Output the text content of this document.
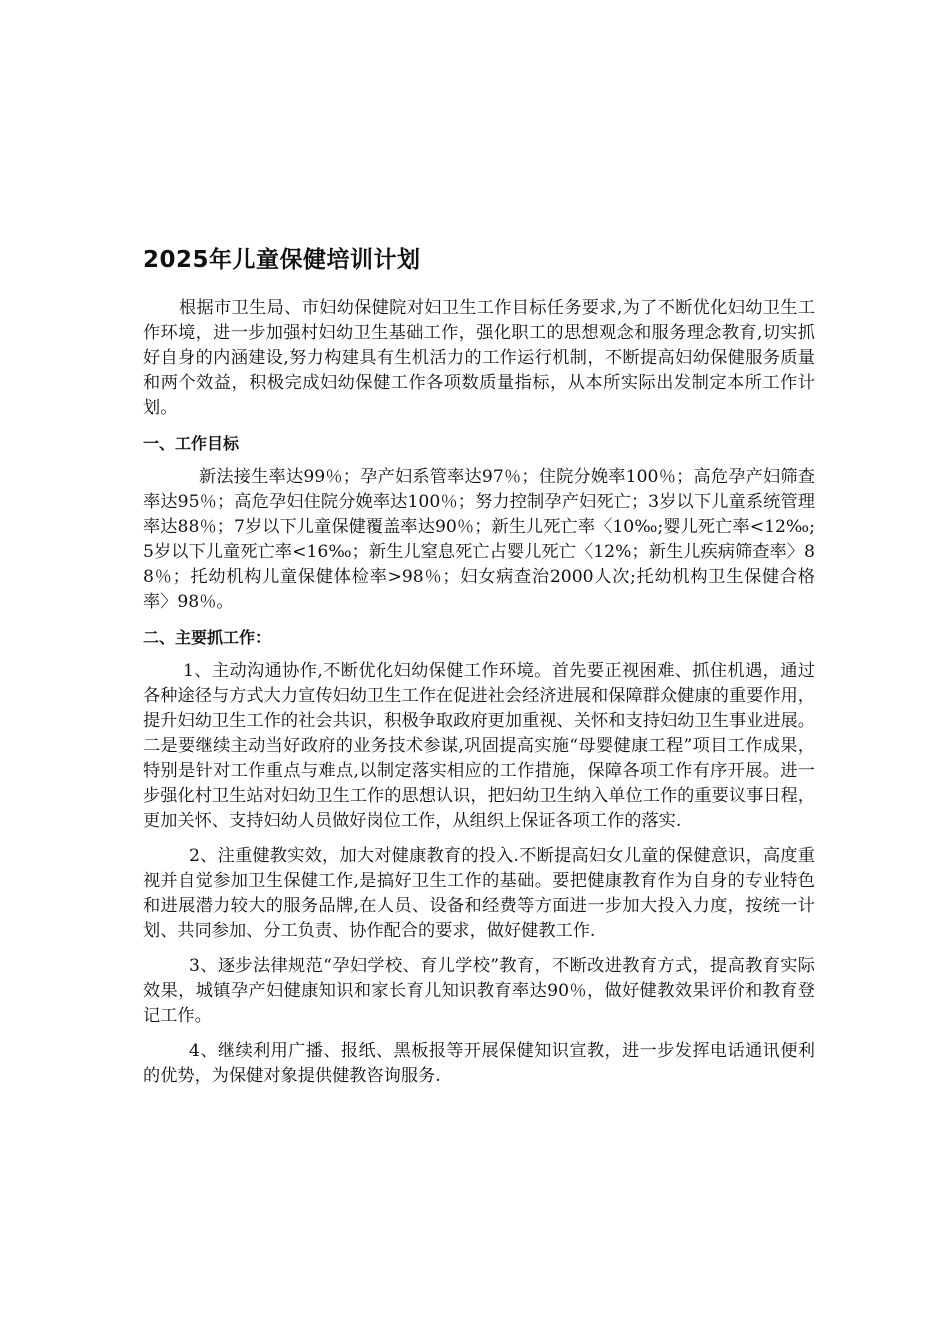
2025年儿童保健培训计划

根据市卫生局、市妇幼保健院对妇卫生工作目标任务要求,为了不断优化妇幼卫生工作环境，进一步加强村妇幼卫生基础工作，强化职工的思想观念和服务理念教育,切实抓好自身的内涵建设,努力构建具有生机活力的工作运行机制，不断提高妇幼保健服务质量和两个效益，积极完成妇幼保健工作各项数质量指标，从本所实际出发制定本所工作计划。

一、工作目标

新法接生率达99％；孕产妇系管率达97％；住院分娩率100％；高危孕产妇筛查率达95％；高危孕妇住院分娩率达100％；努力控制孕产妇死亡；3岁以下儿童系统管理率达88％；7岁以下儿童保健覆盖率达90％；新生儿死亡率〈10‰;婴儿死亡率<12‰;5岁以下儿童死亡率<16‰；新生儿窒息死亡占婴儿死亡〈12%；新生儿疾病筛查率〉88％；托幼机构儿童保健体检率>98％；妇女病查治2000人次;托幼机构卫生保健合格率〉98％。

二、主要抓工作：

1、主动沟通协作,不断优化妇幼保健工作环境。首先要正视困难、抓住机遇，通过各种途径与方式大力宣传妇幼卫生工作在促进社会经济进展和保障群众健康的重要作用，提升妇幼卫生工作的社会共识，积极争取政府更加重视、关怀和支持妇幼卫生事业进展。二是要继续主动当好政府的业务技术参谋,巩固提高实施“母婴健康工程”项目工作成果，特别是针对工作重点与难点,以制定落实相应的工作措施，保障各项工作有序开展。进一步强化村卫生站对妇幼卫生工作的思想认识，把妇幼卫生纳入单位工作的重要议事日程，更加关怀、支持妇幼人员做好岗位工作，从组织上保证各项工作的落实.

2、注重健教实效，加大对健康教育的投入.不断提高妇女儿童的保健意识，高度重视并自觉参加卫生保健工作,是搞好卫生工作的基础。要把健康教育作为自身的专业特色和进展潜力较大的服务品牌,在人员、设备和经费等方面进一步加大投入力度，按统一计划、共同参加、分工负责、协作配合的要求，做好健教工作.

3、逐步法律规范“孕妇学校、育儿学校”教育，不断改进教育方式，提高教育实际效果，城镇孕产妇健康知识和家长育儿知识教育率达90％，做好健教效果评价和教育登记工作。

4、继续利用广播、报纸、黑板报等开展保健知识宣教，进一步发挥电话通讯便利的优势，为保健对象提供健教咨询服务.
